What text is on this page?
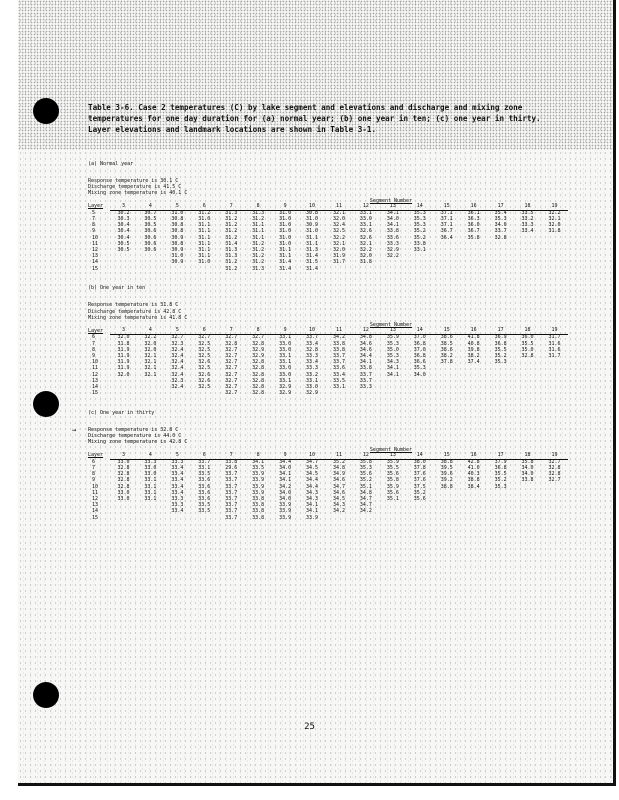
Table 3-6. Case 2 temperatures (C) by lake segment and elevations and discharge and mixing zone temperatures for one day duration for (a) normal year; (b) one year in ten; (c) one year in thirty. Layer elevations and landmark locations are shown in Table 3-1.

(a) Normal year
Response temperature is 30.1 C
Discharge temperature is 41.5 C
Mixing zone temperature is 40.1 C
Segment Number
Layer	3	4	5	6	7	8	9	10	11	12	13	14	15	16	17	18	19
5	30.2	30.7	31.0	31.2	31.3	31.3	31.0	30.8	32.1	33.1	34.1	35.3	37.1	36.1	35.4	33.5	32.2
7	30.3	30.5	30.8	31.0	31.2	31.2	31.0	31.0	32.0	33.0	34.0	35.3	37.1	36.3	35.3	33.2	32.1
8	30.4	30.5	30.8	31.1	31.2	31.1	31.0	30.9	32.4	33.1	34.1	35.3	37.1	36.0	34.0	33.3	32.0
9	30.4	30.6	30.8	31.1	31.2	31.1	31.0	31.0	32.5	32.6	33.8	35.2	36.7	36.7	33.7	33.4	31.8
10	30.4	30.6	30.9	31.1	31.2	31.1	31.0	31.1	32.2	32.6	33.6	35.2	36.4	35.8	32.8		
11	30.5	30.6	30.8	31.1	31.4	31.2	31.0	31.1	32.1	32.1	33.3	33.8					
12	30.5	30.6	30.9	31.1	31.3	31.2	31.1	31.3	32.0	32.2	32.9	33.1					
13			31.0	31.1	31.3	31.2	31.1	31.4	31.9	32.0	32.2						
14			30.9	31.0	31.2	31.2	31.4	31.5	31.7	31.8							
15					31.2	31.3	31.4	31.4									
(b) One year in ten
Response temperature is 31.8 C
Discharge temperature is 42.8 C
Mixing zone temperature is 41.8 C
Segment Number
Layer	3	4	5	6	7	8	9	10	11	12	13	14	15	16	17	18	19
6	32.0	32.2	32.7	32.7	32.7	32.7	33.1	33.7	34.2	34.8	35.9	37.0	38.6	41.8	36.9	36.0	31.7
7	31.8	32.0	32.3	32.5	32.8	32.8	33.0	33.4	33.8	34.6	35.3	36.8	38.5	40.8	36.8	35.5	31.6
8	31.9	32.0	32.4	32.5	32.7	32.9	33.0	32.8	33.8	34.6	35.0	37.0	38.6	39.8	35.5	35.0	31.6
9	31.9	32.1	32.4	32.5	32.7	32.9	33.1	33.3	33.7	34.4	35.3	36.8	38.2	38.2	35.2	32.8	31.7
10	31.9	32.1	32.4	32.6	32.7	32.8	33.1	33.4	33.7	34.1	34.3	36.6	37.8	37.4	35.3		
11	31.9	32.1	32.4	32.5	32.7	32.8	33.0	33.3	33.6	33.8	34.1	35.3					
12	32.0	32.1	32.4	32.6	32.7	32.8	33.0	33.2	33.4	33.7	34.1	34.0					
13			32.3	32.6	32.7	32.8	33.1	33.1	33.5	33.7							
14			32.4	32.5	32.7	32.8	32.9	33.0	33.1	33.3							
15					32.7	32.8	32.9	32.9									
(c) One year in thirty
→ Response temperature is 32.8 C
Discharge temperature is 44.0 C
Mixing zone temperature is 42.8 C
Segment Number
Layer	3	4	5	6	7	8	9	10	11	12	13	14	15	16	17	18	19
6	33.0	33.3	33.3	33.7	33.8	34.1	34.4	34.7	35.2	35.8	35.9	38.0	38.8	42.8	37.9	35.8	32.7
7	32.8	33.0	33.4	33.1	29.6	33.5	34.0	34.5	34.8	35.3	35.5	37.8	39.5	41.0	36.8	34.0	32.8
8	32.8	33.0	33.4	33.5	33.7	33.9	34.1	34.5	34.9	35.6	35.6	37.6	39.6	40.3	35.5	34.0	32.8
9	32.8	33.1	33.4	33.6	33.7	33.9	34.1	34.4	34.6	35.2	35.8	37.6	39.2	38.8	35.2	33.8	32.7
10	32.8	33.1	33.4	33.6	33.7	33.9	34.2	34.4	34.7	35.1	35.9	37.5	38.8	38.4	35.3		
11	33.0	33.1	33.4	33.6	33.7	33.9	34.0	34.3	34.6	34.8	35.6	35.2					
12	33.0	33.1	33.3	33.6	33.7	33.8	34.0	34.3	34.5	34.7	35.1	35.6					
13			33.3	33.5	33.7	33.8	33.9	34.1	34.3	34.7							
14			33.4	33.5	33.7	33.8	33.9	34.1	34.2	34.2							
15					33.7	33.8	33.9	33.9									
25
